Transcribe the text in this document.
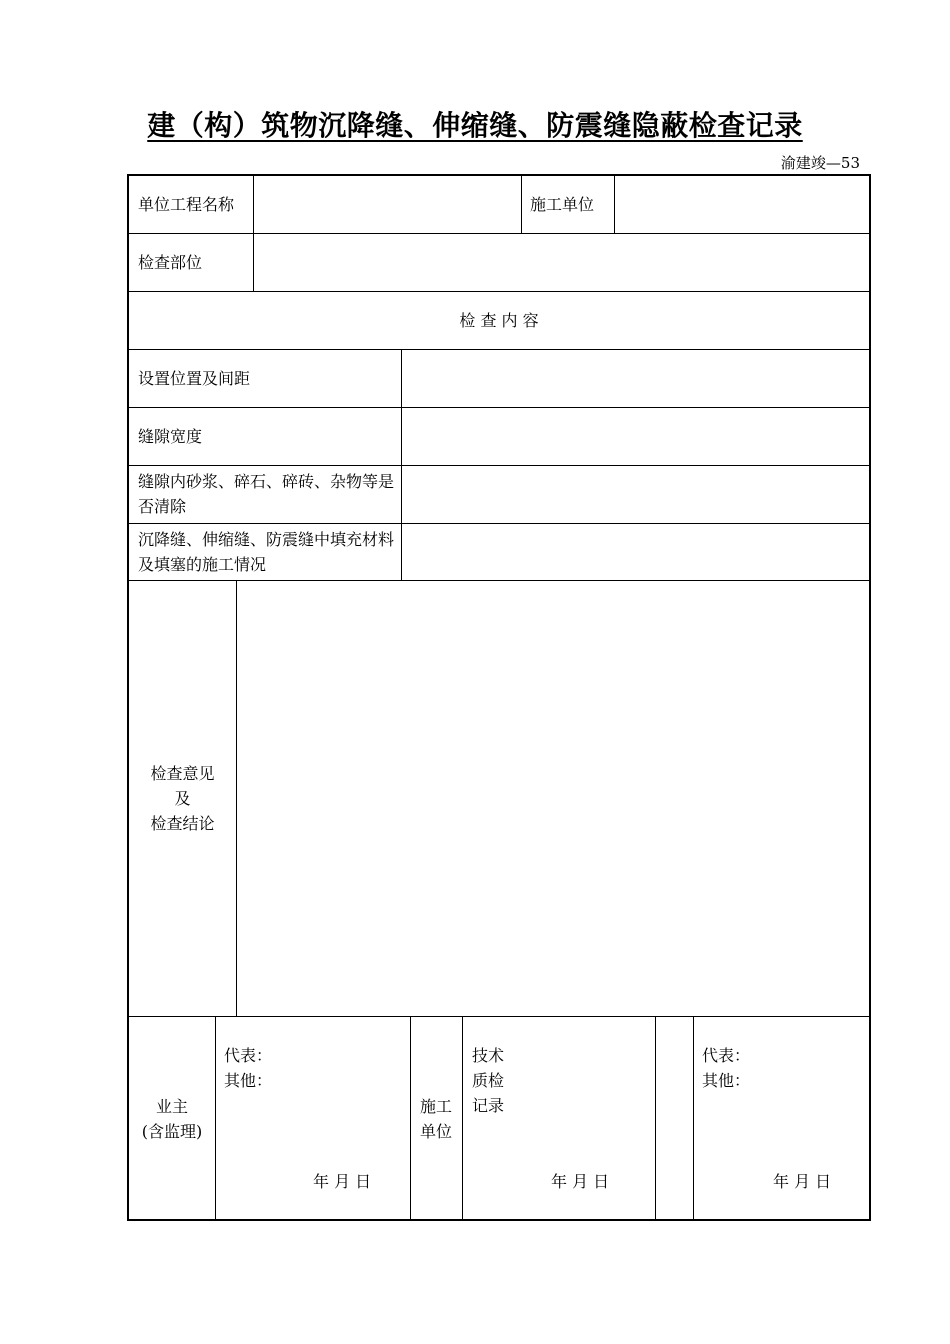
建（构）筑物沉降缝、伸缩缝、防震缝隐蔽检查记录
渝建竣—53
单位工程名称	施工单位
检查部位
检 查 内 容
设置位置及间距
缝隙宽度
缝隙内砂浆、碎石、碎砖、杂物等是否清除
沉降缝、伸缩缝、防震缝中填充材料及填塞的施工情况
检查意见
及
检查结论
业主
(含监理)
代表：
其他：
年 月 日
施工
单位
技术
质检
记录
年 月 日
代表：
其他：
年 月 日
